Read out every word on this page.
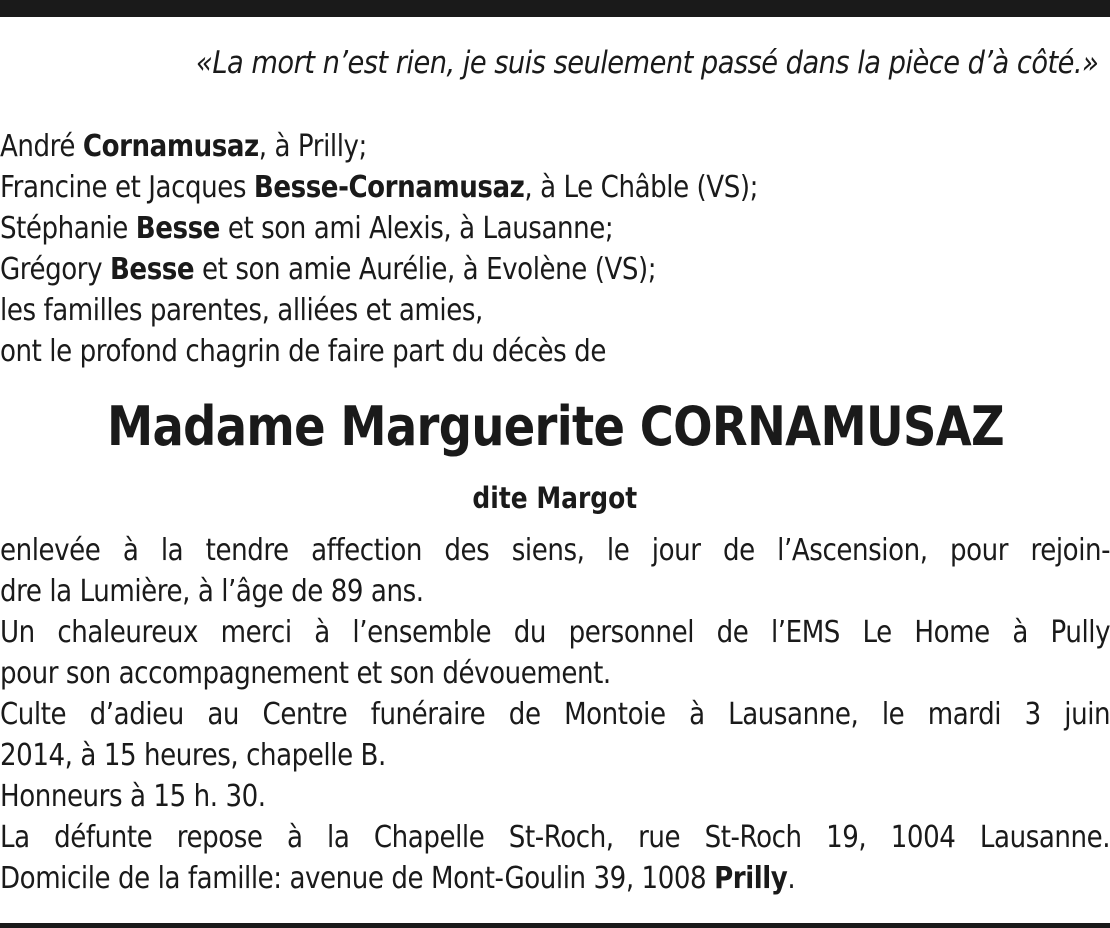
«La mort n’est rien, je suis seulement passé dans la pièce d’à côté.»
André Cornamusaz, à Prilly;
Francine et Jacques Besse-Cornamusaz, à Le Châble (VS);
Stéphanie Besse et son ami Alexis, à Lausanne;
Grégory Besse et son amie Aurélie, à Evolène (VS);
les familles parentes, alliées et amies,
ont le profond chagrin de faire part du décès de
Madame Marguerite CORNAMUSAZ
dite Margot
enlevée à la tendre affection des siens, le jour de l’Ascension, pour rejoin-
dre la Lumière, à l’âge de 89 ans.
Un chaleureux merci à l’ensemble du personnel de l’EMS Le Home à Pully
pour son accompagnement et son dévouement.
Culte d’adieu au Centre funéraire de Montoie à Lausanne, le mardi 3 juin
2014, à 15 heures, chapelle B.
Honneurs à 15 h. 30.
La défunte repose à la Chapelle St-Roch, rue St-Roch 19, 1004 Lausanne.
Domicile de la famille: avenue de Mont-Goulin 39, 1008 Prilly.
